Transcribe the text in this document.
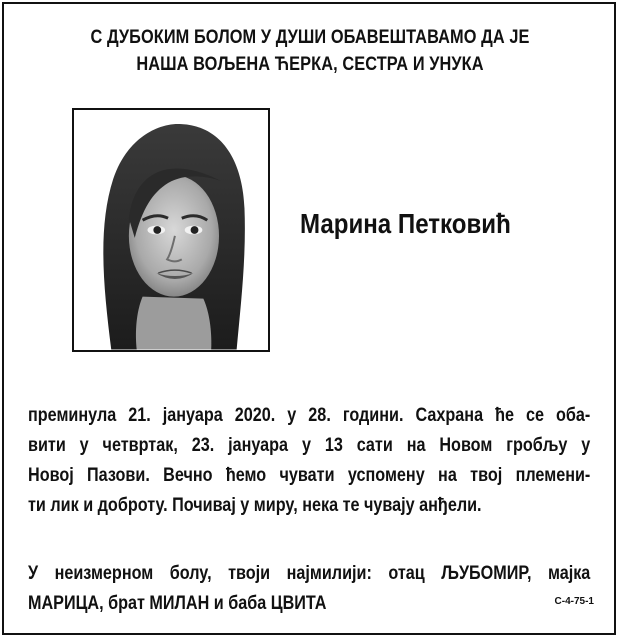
С ДУБОКИМ БОЛОМ У ДУШИ ОБАВЕШТАВАМО ДА ЈЕ
НАША ВОЉЕНА ЋЕРКА, СЕСТРА И УНУКА
Марина Петковић
преминула 21. јануара 2020. у 28. години. Сахрана ће се оба-
вити у четвртак, 23. јануара у 13 сати на Новом гробљу у
Новој Пазови. Вечно ћемо чувати успомену на твој племени-
ти лик и доброту. Почивај у миру, нека те чувају анђели.
У неизмерном болу, твоји најмилији: отац ЉУБОМИР, мајка
МАРИЦА, брат МИЛАН и баба ЦВИТА	C-4-75-1
